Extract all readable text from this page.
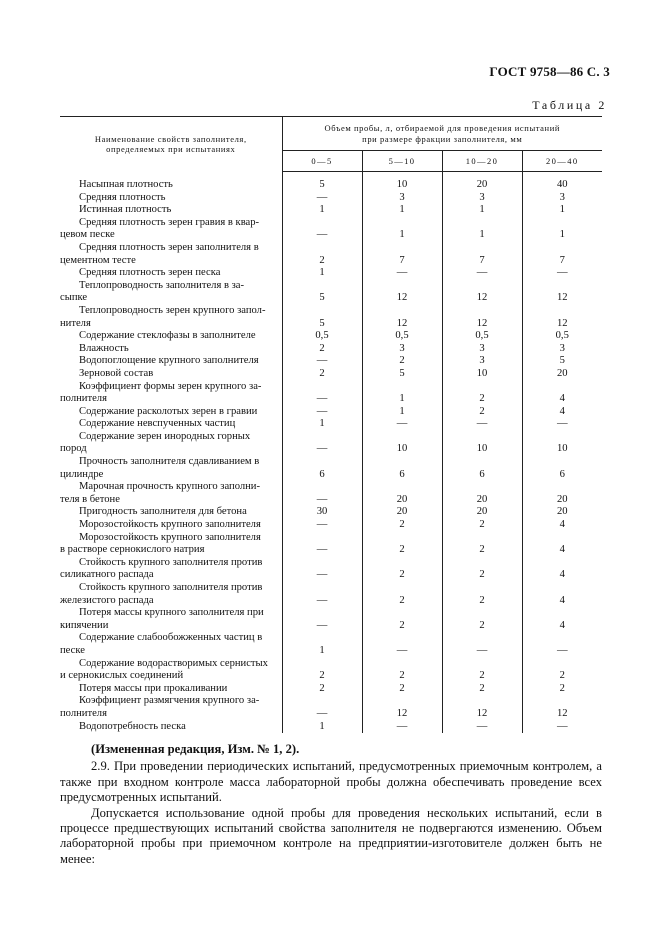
ГОСТ 9758—86 С. 3
Таблица 2
Наименование свойств заполнителя,
определяемых при испытаниях	Объем пробы, л, отбираемой для проведения испытаний
при размере фракции заполнителя, мм			

	0—5	5—10	10—20	20—40

Насыпная плотность	5	10	20	40

Средняя плотность	—	3	3	3

Истинная плотность	1	1	1	1

Средняя плотность зерен гравия в квар-
цевом песке	—	1	1	1

Средняя плотность зерен заполнителя в
цементном тесте	2	7	7	7

Средняя плотность зерен песка	1	—	—	—

Теплопроводность заполнителя в за-
сыпке	5	12	12	12

Теплопроводность зерен крупного запол-
нителя	5	12	12	12

Содержание стеклофазы в заполнителе	0,5	0,5	0,5	0,5

Влажность	2	3	3	3

Водопоглощение крупного заполнителя	—	2	3	5

Зерновой состав	2	5	10	20

Коэффициент формы зерен крупного за-
полнителя	—	1	2	4

Содержание расколотых зерен в гравии	—	1	2	4

Содержание невспученных частиц	1	—	—	—

Содержание зерен инородных горных
пород	—	10	10	10

Прочность заполнителя сдавливанием в
цилиндре	6	6	6	6

Марочная прочность крупного заполни-
теля в бетоне	—	20	20	20

Пригодность заполнителя для бетона	30	20	20	20

Морозостойкость крупного заполнителя	—	2	2	4

Морозостойкость крупного заполнителя
в растворе сернокислого натрия	—	2	2	4

Стойкость крупного заполнителя против
силикатного распада	—	2	2	4

Стойкость крупного заполнителя против
железистого распада	—	2	2	4

Потеря массы крупного заполнителя при
кипячении	—	2	2	4

Содержание слабообожженных частиц в
песке	1	—	—	—

Содержание водорастворимых сернистых
и сернокислых соединений	2	2	2	2

Потеря массы при прокаливании	2	2	2	2

Коэффициент размягчения крупного за-
полнителя	—	12	12	12

Водопотребность песка	1	—	—	—

(Измененная редакция, Изм. № 1, 2).

2.9. При проведении периодических испытаний, предусмотренных приемочным контролем, а также при входном контроле масса лабораторной пробы должна обеспечивать проведение всех предусмотренных испытаний.

Допускается использование одной пробы для проведения нескольких испытаний, если в процессе предшествующих испытаний свойства заполнителя не подвергаются изменению. Объем лабораторной пробы при приемочном контроле на предприятии-изготовителе должен быть не менее:
